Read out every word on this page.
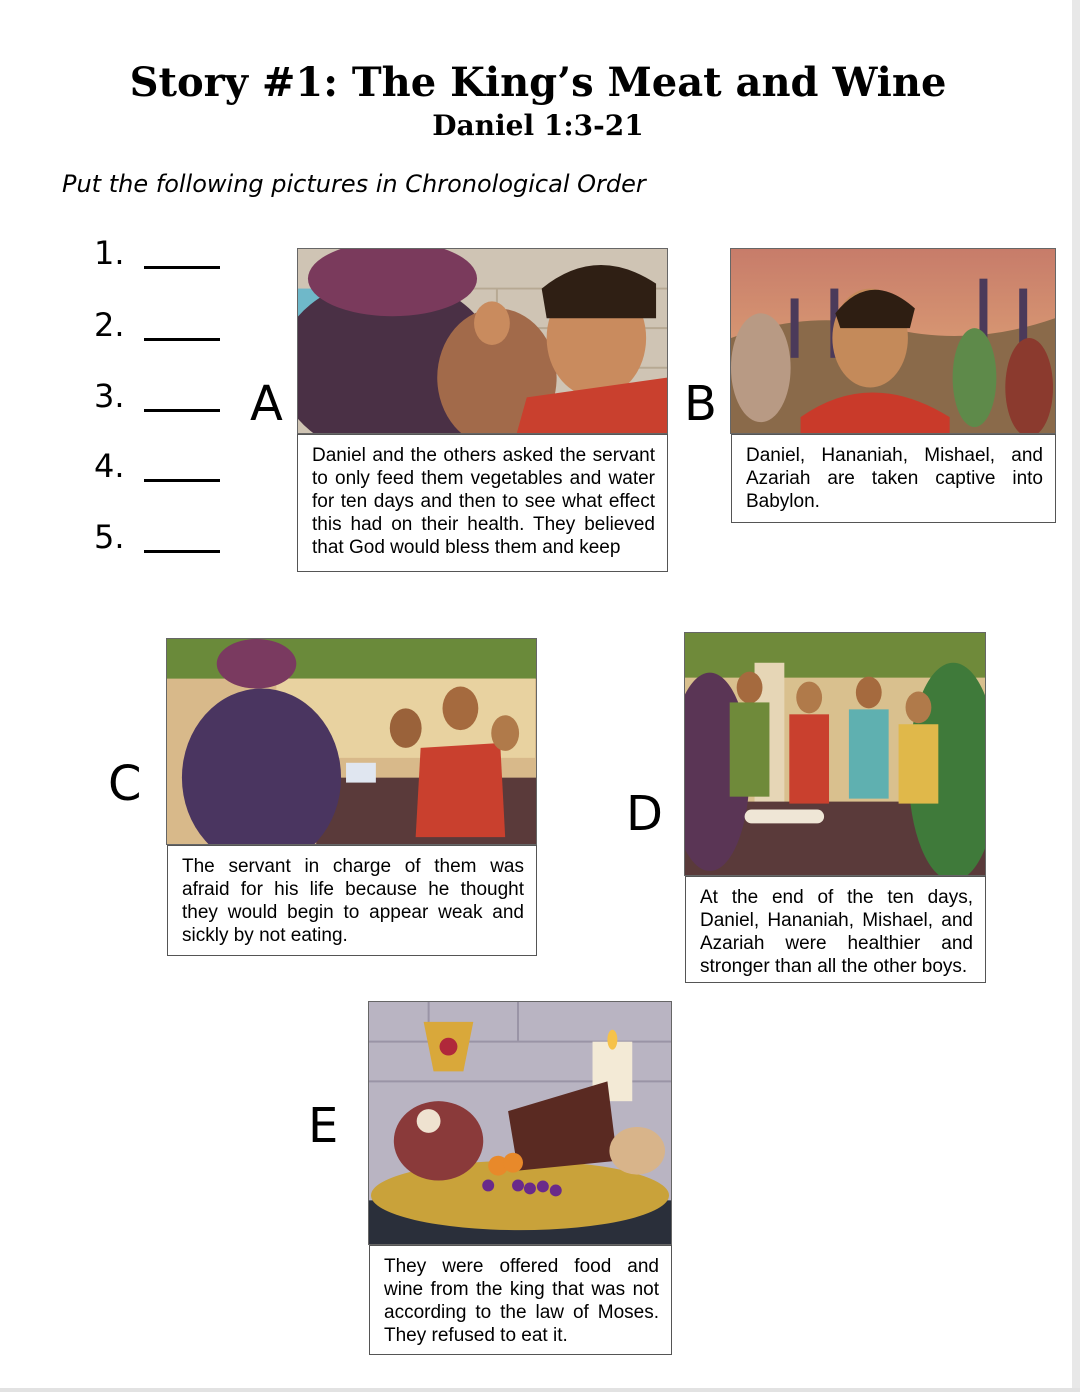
Story #1: The King’s Meat and Wine
Daniel 1:3-21
Put the following pictures in Chronological Order
1.
2.
3.
4.
5.
A
Daniel and the others asked the servant to only feed them vegetables and water for ten days and then to see what effect this had on their health. They believed that God would bless them and keep
B
Daniel, Hananiah, Mishael, and Azariah are taken captive into Babylon.
C
The servant in charge of them was afraid for his life because he thought they would begin to appear weak and sickly by not eating.
D
At the end of the ten days, Daniel, Hananiah, Mishael, and Azariah were healthier and stronger than all the other boys.
E
They were offered food and wine from the king that was not according to the law of Moses. They refused to eat it.
